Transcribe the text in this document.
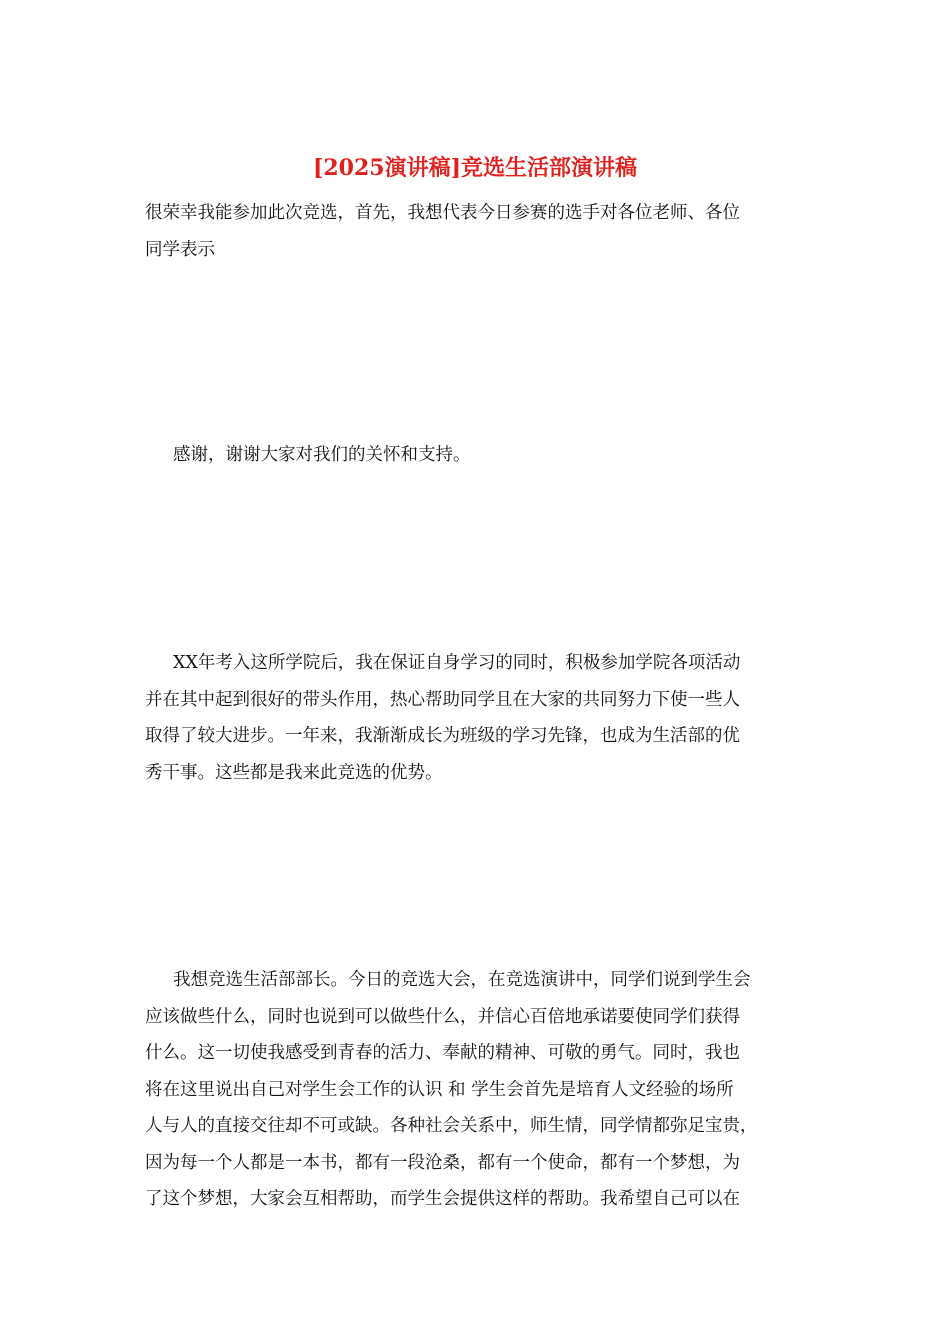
[2025演讲稿]竞选生活部演讲稿
很荣幸我能参加此次竞选，首先，我想代表今日参赛的选手对各位老师、各位
同学表示
感谢，谢谢大家对我们的关怀和支持。
XX年考入这所学院后，我在保证自身学习的同时，积极参加学院各项活动
并在其中起到很好的带头作用，热心帮助同学且在大家的共同努力下使一些人
取得了较大进步。一年来，我渐渐成长为班级的学习先锋，也成为生活部的优
秀干事。这些都是我来此竞选的优势。
我想竞选生活部部长。今日的竞选大会，在竞选演讲中，同学们说到学生会
应该做些什么，同时也说到可以做些什么，并信心百倍地承诺要使同学们获得
什么。这一切使我感受到青春的活力、奉献的精神、可敬的勇气。同时，我也
将在这里说出自己对学生会工作的认识 和 学生会首先是培育人文经验的场所
人与人的直接交往却不可或缺。各种社会关系中，师生情，同学情都弥足宝贵，
因为每一个人都是一本书，都有一段沧桑，都有一个使命，都有一个梦想，为
了这个梦想，大家会互相帮助，而学生会提供这样的帮助。我希望自己可以在
